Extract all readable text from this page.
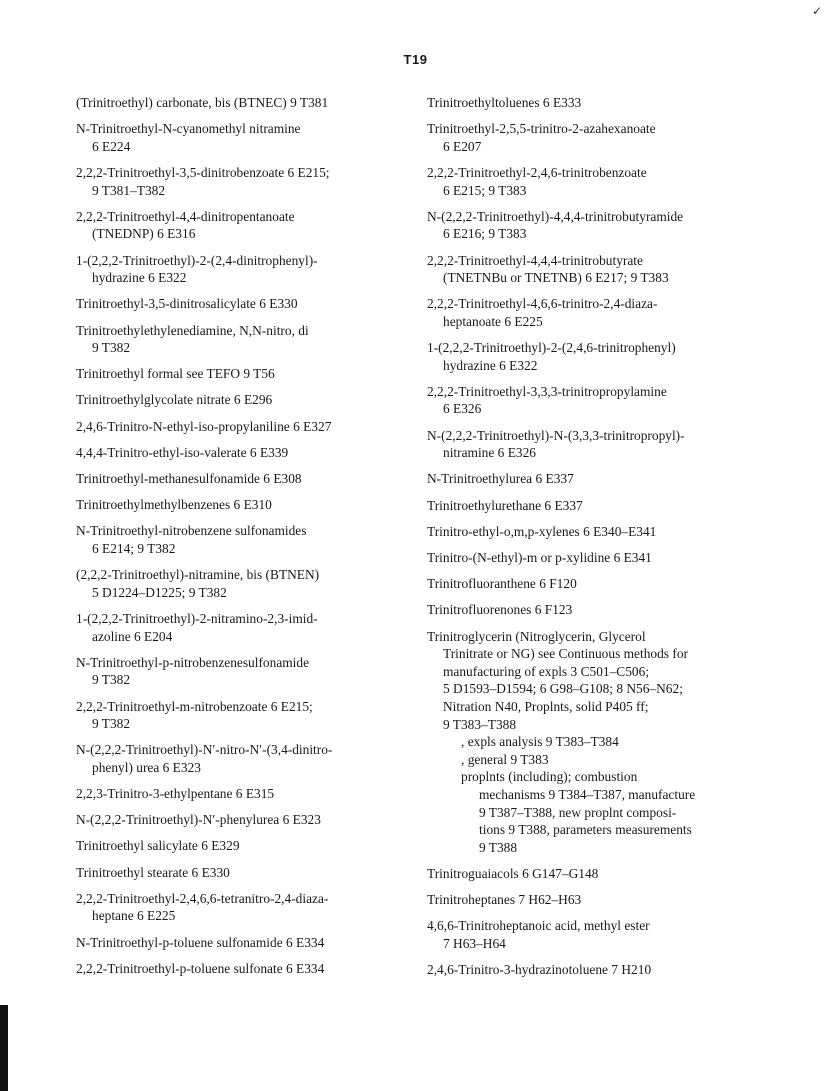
✓
T19
(Trinitroethyl) carbonate, bis (BTNEC) 9 T381
N-Trinitroethyl-N-cyanomethyl nitramine
6 E224
2,2,2-Trinitroethyl-3,5-dinitrobenzoate 6 E215;
9 T381–T382
2,2,2-Trinitroethyl-4,4-dinitropentanoate
(TNEDNP) 6 E316
1-(2,2,2-Trinitroethyl)-2-(2,4-dinitrophenyl)-
hydrazine 6 E322
Trinitroethyl-3,5-dinitrosalicylate 6 E330
Trinitroethylethylenediamine, N,N-nitro, di
9 T382
Trinitroethyl formal see TEFO 9 T56
Trinitroethylglycolate nitrate 6 E296
2,4,6-Trinitro-N-ethyl-iso-propylaniline 6 E327
4,4,4-Trinitro-ethyl-iso-valerate 6 E339
Trinitroethyl-methanesulfonamide 6 E308
Trinitroethylmethylbenzenes 6 E310
N-Trinitroethyl-nitrobenzene sulfonamides
6 E214; 9 T382
(2,2,2-Trinitroethyl)-nitramine, bis (BTNEN)
5 D1224–D1225; 9 T382
1-(2,2,2-Trinitroethyl)-2-nitramino-2,3-imid-
azoline 6 E204
N-Trinitroethyl-p-nitrobenzenesulfonamide
9 T382
2,2,2-Trinitroethyl-m-nitrobenzoate 6 E215;
9 T382
N-(2,2,2-Trinitroethyl)-N′-nitro-N′-(3,4-dinitro-
phenyl) urea 6 E323
2,2,3-Trinitro-3-ethylpentane 6 E315
N-(2,2,2-Trinitroethyl)-N′-phenylurea 6 E323
Trinitroethyl salicylate 6 E329
Trinitroethyl stearate 6 E330
2,2,2-Trinitroethyl-2,4,6,6-tetranitro-2,4-diaza-
heptane 6 E225
N-Trinitroethyl-p-toluene sulfonamide 6 E334
2,2,2-Trinitroethyl-p-toluene sulfonate 6 E334
Trinitroethyltoluenes 6 E333
Trinitroethyl-2,5,5-trinitro-2-azahexanoate
6 E207
2,2,2-Trinitroethyl-2,4,6-trinitrobenzoate
6 E215; 9 T383
N-(2,2,2-Trinitroethyl)-4,4,4-trinitrobutyramide
6 E216; 9 T383
2,2,2-Trinitroethyl-4,4,4-trinitrobutyrate
(TNETNBu or TNETNB) 6 E217; 9 T383
2,2,2-Trinitroethyl-4,6,6-trinitro-2,4-diaza-
heptanoate 6 E225
1-(2,2,2-Trinitroethyl)-2-(2,4,6-trinitrophenyl)
hydrazine 6 E322
2,2,2-Trinitroethyl-3,3,3-trinitropropylamine
6 E326
N-(2,2,2-Trinitroethyl)-N-(3,3,3-trinitropropyl)-
nitramine 6 E326
N-Trinitroethylurea 6 E337
Trinitroethylurethane 6 E337
Trinitro-ethyl-o,m,p-xylenes 6 E340–E341
Trinitro-(N-ethyl)-m or p-xylidine 6 E341
Trinitrofluoranthene 6 F120
Trinitrofluorenones 6 F123
Trinitroglycerin (Nitroglycerin, Glycerol
Trinitrate or NG) see Continuous methods for
manufacturing of expls 3 C501–C506;
5 D1593–D1594; 6 G98–G108; 8 N56–N62;
Nitration N40, Proplnts, solid P405 ff;
9 T383–T388
, expls analysis 9 T383–T384
, general 9 T383
proplnts (including); combustion
mechanisms 9 T384–T387, manufacture
9 T387–T388, new proplnt composi-
tions 9 T388, parameters measurements
9 T388
Trinitroguaiacols 6 G147–G148
Trinitroheptanes 7 H62–H63
4,6,6-Trinitroheptanoic acid, methyl ester
7 H63–H64
2,4,6-Trinitro-3-hydrazinotoluene 7 H210
